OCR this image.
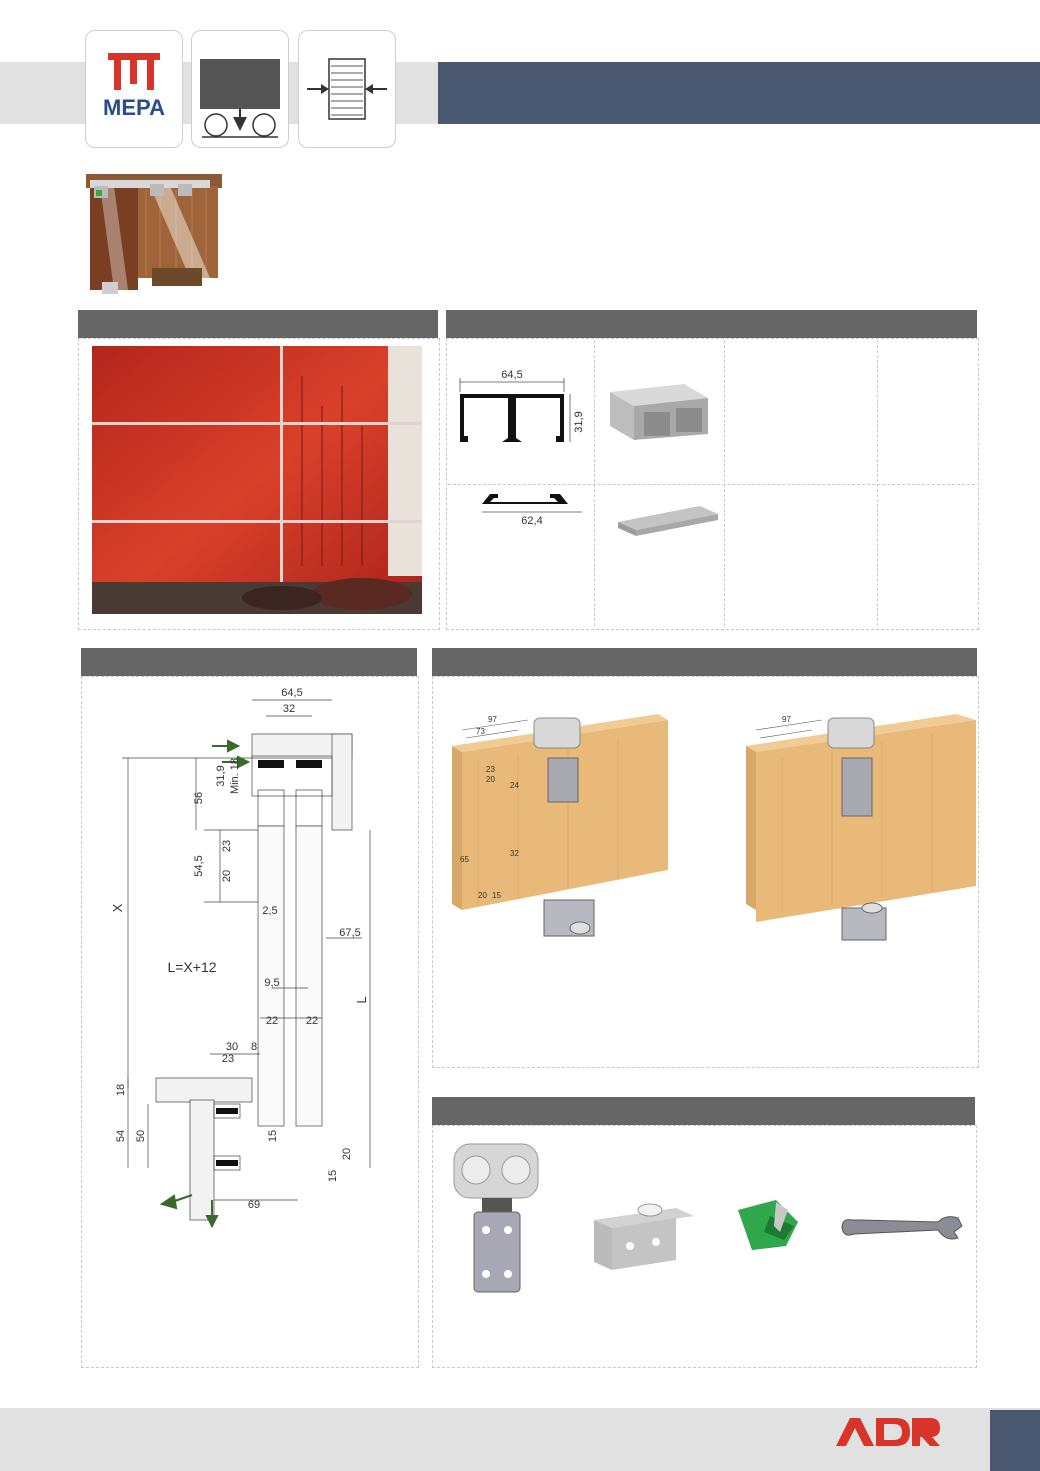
MEPA
64,5
31,9
62,4
64,5
32
31,9 Min. 18
56
54,5
23
20
2,5
67,5
X
L=X+12
L
9,5
22	22
30 8
23
18
54 50	15
20
15
69
97
73
23
20
24
65
32
20 15
97
